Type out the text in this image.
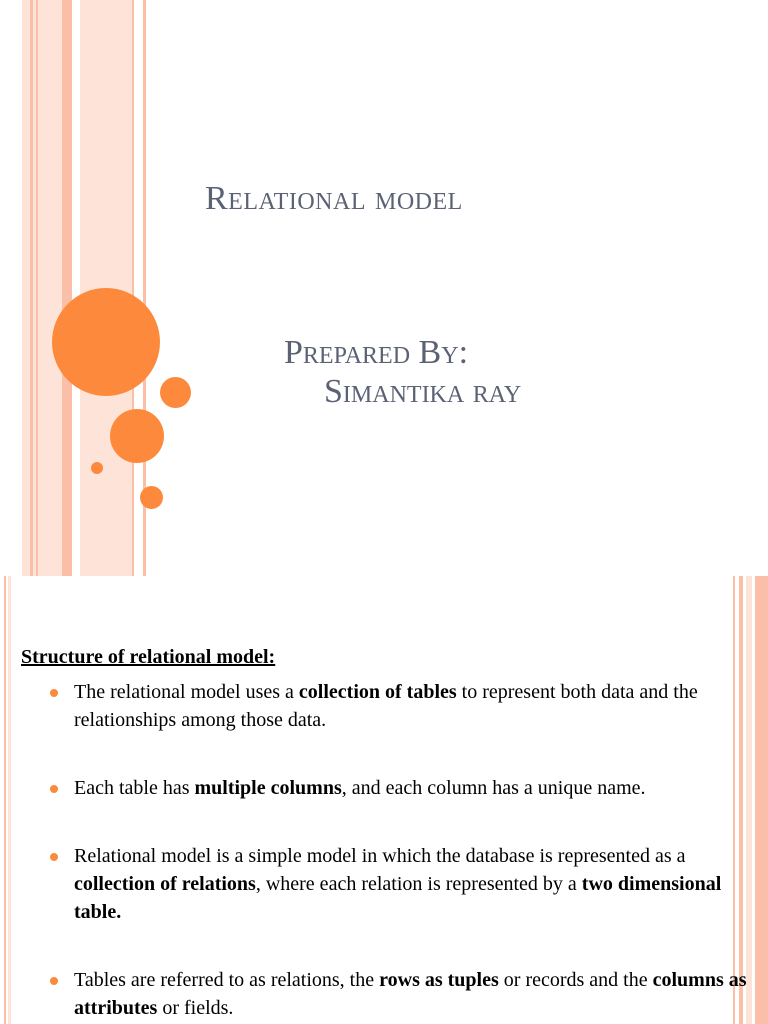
Relational model
Prepared By:
Simantika ray
Structure of relational model:
The relational model uses a collection of tables to represent both data and the relationships among those data.
Each table has multiple columns, and each column has a unique name.
Relational model is a simple model in which the database is represented as a collection of relations, where each relation is represented by a two dimensional table.
Tables are referred to as relations, the rows as tuples or records and the columns as attributes or fields.
